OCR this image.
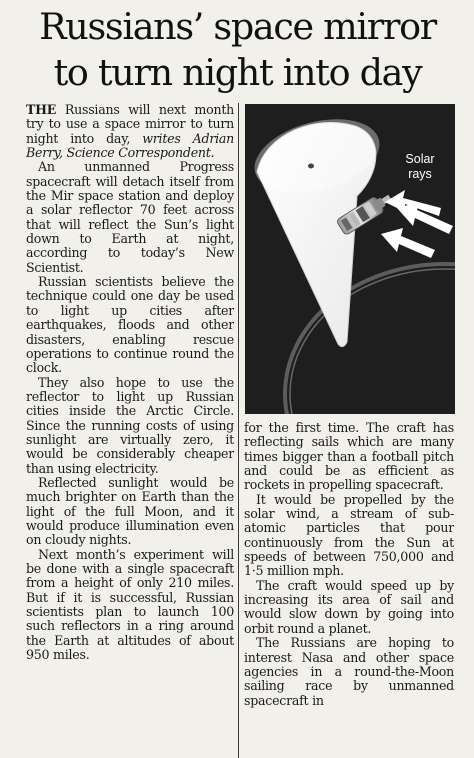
Russians’ space mirror
to turn night into day

THE Russians will next month try to use a space mirror to turn night into day, writes Adrian Berry, Science Correspondent.

An unmanned Progress spacecraft will detach itself from the Mir space station and deploy a solar reflector 70 feet across that will reflect the Sun’s light down to Earth at night, according to today’s New Scientist.

Russian scientists believe the technique could one day be used to light up cities after earthquakes, floods and other disasters, enabling rescue operations to continue round the clock.

They also hope to use the reflector to light up Russian cities inside the Arctic Circle. Since the running costs of using sunlight are virtually zero, it would be considerably cheaper than using electricity.

Reflected sunlight would be much brighter on Earth than the light of the full Moon, and it would produce illumination even on cloudy nights.

Next month’s experiment will be done with a single spacecraft from a height of only 210 miles. But if it is successful, Russian scientists plan to launch 100 such reflectors in a ring around the Earth at altitudes of about 950 miles.

Solar rays

for the first time. The craft has reflecting sails which are many times bigger than a football pitch and could be as efficient as rockets in propelling spacecraft.

It would be propelled by the solar wind, a stream of sub-atomic particles that pour continuously from the Sun at speeds of between 750,000 and 1·5 million mph.

The craft would speed up by increasing its area of sail and would slow down by going into orbit round a planet.

The Russians are hoping to interest Nasa and other space agencies in a round-the-Moon sailing race by unmanned spacecraft in
